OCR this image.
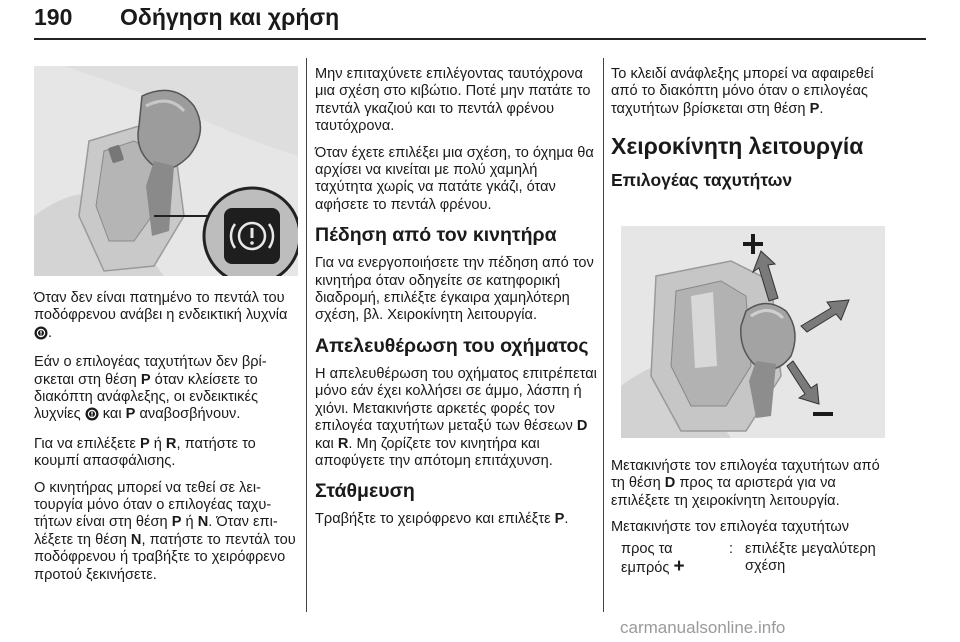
190 Οδήγηση και χρήση

Όταν δεν είναι πατημένο το πεντάλ του ποδόφρενου ανάβει η ενδεικτική λυχνία .

Εάν ο επιλογέας ταχυτήτων δεν βρίσκεται στη θέση P όταν κλείσετε το διακόπτη ανάφλεξης, οι ενδεικτικές λυχνίες και P αναβοσβήνουν.

Για να επιλέξετε P ή R, πατήστε το κουμπί απασφάλισης.

Ο κινητήρας μπορεί να τεθεί σε λειτουργία μόνο όταν ο επιλογέας ταχυτήτων είναι στη θέση P ή N. Όταν επιλέξετε τη θέση N, πατήστε το πεντάλ του ποδόφρενου ή τραβήξτε το χειρόφρενο προτού ξεκινήσετε.

Μην επιταχύνετε επιλέγοντας ταυτόχρονα μια σχέση στο κιβώτιο. Ποτέ μην πατάτε το πεντάλ γκαζιού και το πεντάλ φρένου ταυτόχρονα.

Όταν έχετε επιλέξει μια σχέση, το όχημα θα αρχίσει να κινείται με πολύ χαμηλή ταχύτητα χωρίς να πατάτε γκάζι, όταν αφήσετε το πεντάλ φρένου.

Πέδηση από τον κινητήρα

Για να ενεργοποιήσετε την πέδηση από τον κινητήρα όταν οδηγείτε σε κατηφορική διαδρομή, επιλέξτε έγκαιρα χαμηλότερη σχέση, βλ. Χειροκίνητη λειτουργία.

Απελευθέρωση του οχήματος

Η απελευθέρωση του οχήματος επιτρέπεται μόνο εάν έχει κολλήσει σε άμμο, λάσπη ή χιόνι. Μετακινήστε αρκετές φορές τον επιλογέα ταχυτήτων μεταξύ των θέσεων D και R. Μη ζορίζετε τον κινητήρα και αποφύγετε την απότομη επιτάχυνση.

Στάθμευση

Τραβήξτε το χειρόφρενο και επιλέξτε P.

Το κλειδί ανάφλεξης μπορεί να αφαιρεθεί από το διακόπτη μόνο όταν ο επιλογέας ταχυτήτων βρίσκεται στη θέση P.

Χειροκίνητη λειτουργία
Επιλογέας ταχυτήτων

Μετακινήστε τον επιλογέα ταχυτήτων από τη θέση D προς τα αριστερά για να επιλέξετε τη χειροκίνητη λειτουργία.

Μετακινήστε τον επιλογέα ταχυτήτων

προς τα εμπρός +
: επιλέξτε μεγαλύτερη σχέση
carmanualsonline.info
